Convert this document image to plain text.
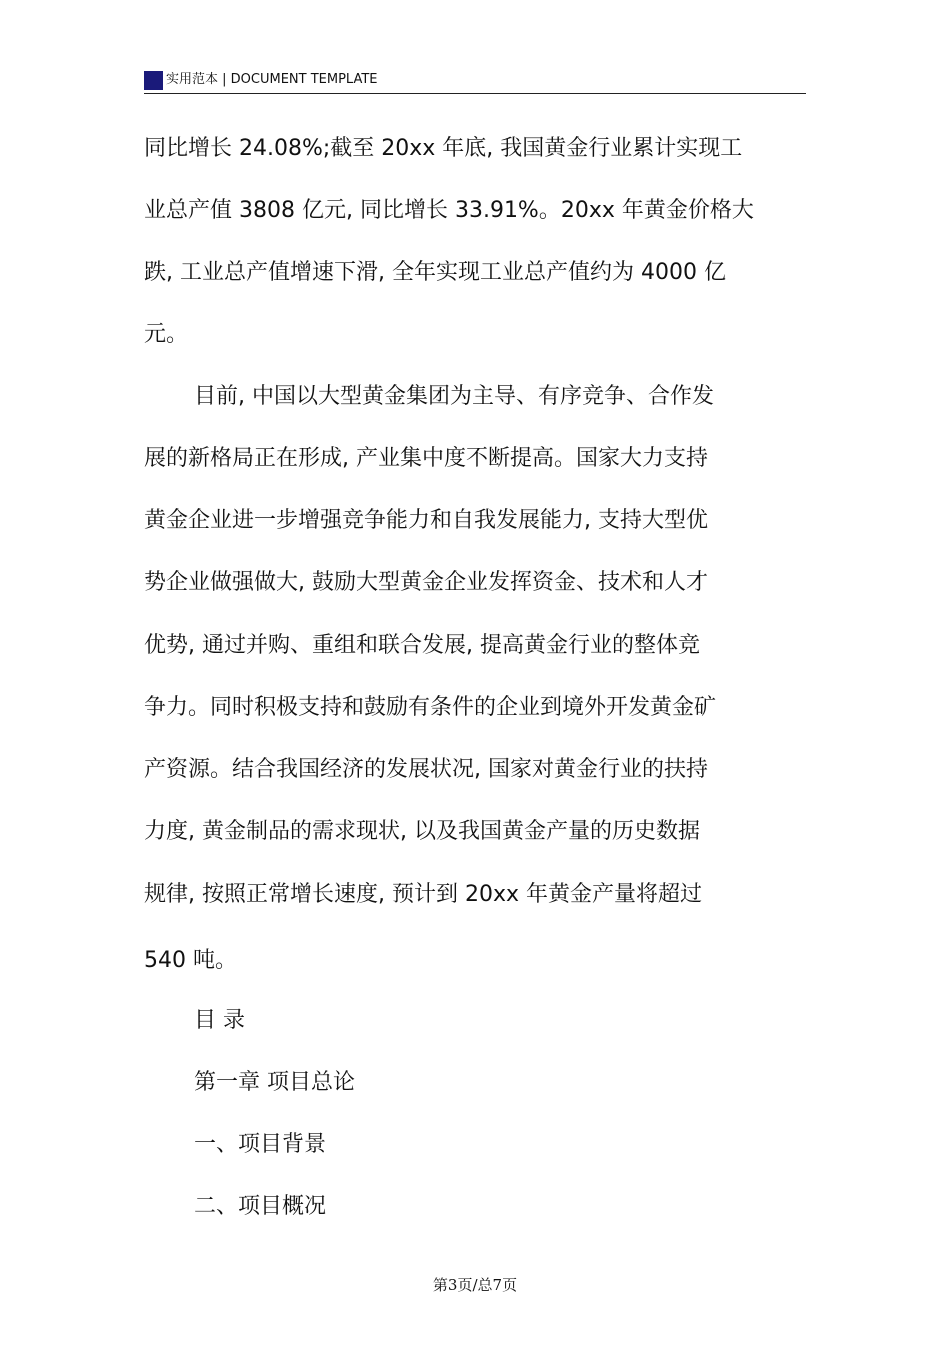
实用范本 | DOCUMENT TEMPLATE
同比增长 24.08%;截至 20xx 年底, 我国黄金行业累计实现工
业总产值 3808 亿元, 同比增长 33.91%。20xx 年黄金价格大
跌, 工业总产值增速下滑, 全年实现工业总产值约为 4000 亿
元。
目前, 中国以大型黄金集团为主导、有序竞争、合作发
展的新格局正在形成, 产业集中度不断提高。国家大力支持
黄金企业进一步增强竞争能力和自我发展能力, 支持大型优
势企业做强做大, 鼓励大型黄金企业发挥资金、技术和人才
优势, 通过并购、重组和联合发展, 提高黄金行业的整体竞
争力。同时积极支持和鼓励有条件的企业到境外开发黄金矿
产资源。结合我国经济的发展状况, 国家对黄金行业的扶持
力度, 黄金制品的需求现状, 以及我国黄金产量的历史数据
规律, 按照正常增长速度, 预计到 20xx 年黄金产量将超过
540 吨。
目 录
第一章 项目总论
一、项目背景
二、项目概况
第3页/总7页
